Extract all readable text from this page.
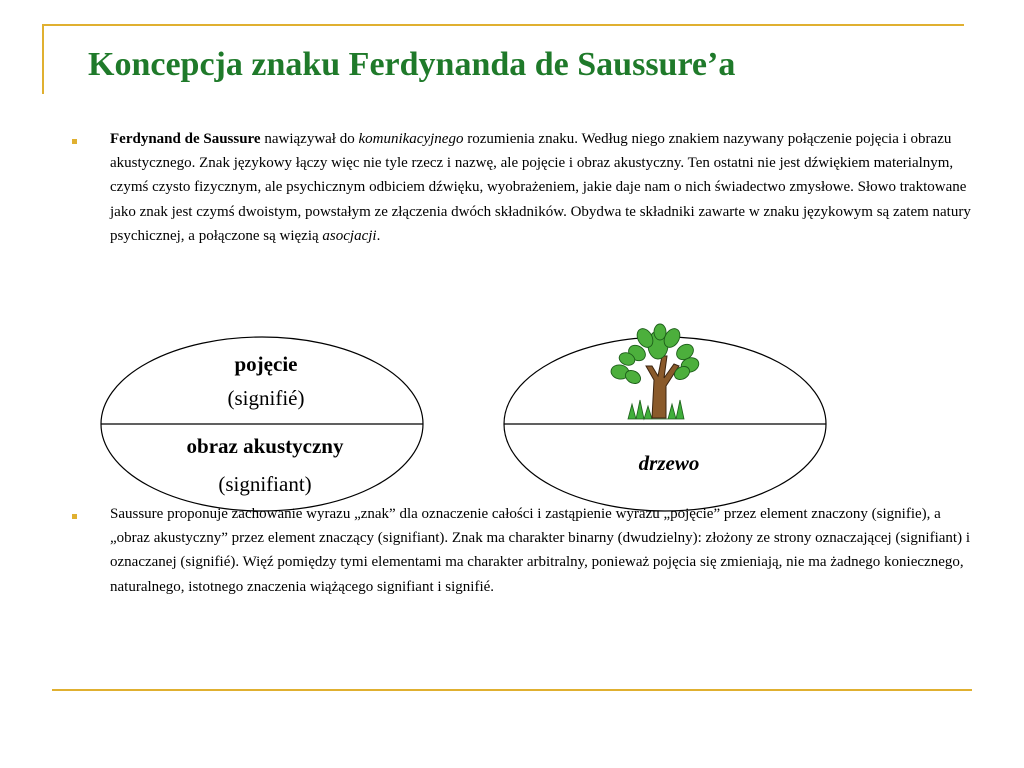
Koncepcja znaku Ferdynanda de Saussure’a

Ferdynand de Saussure nawiązywał do komunikacyjnego rozumienia znaku. Według niego znakiem nazywany połączenie pojęcia i obrazu akustycznego. Znak językowy łączy więc nie tyle rzecz i nazwę, ale pojęcie i obraz akustyczny. Ten ostatni nie jest dźwiękiem materialnym, czymś czysto fizycznym, ale psychicznym odbiciem dźwięku, wyobrażeniem, jakie daje nam o nich świadectwo zmysłowe. Słowo traktowane jako znak jest czymś dwoistym, powstałym ze złączenia dwóch składników. Obydwa te składniki zawarte w znaku językowym są zatem natury psychicznej, a połączone są więzią asocjacji.

pojęcie
(signifié)
obraz akustyczny
(signifiant)
drzewo

Saussure proponuje zachowanie wyrazu „znak” dla oznaczenie całości i zastąpienie wyrazu „pojęcie” przez element znaczony (signifie), a „obraz akustyczny” przez element znaczący (signifiant). Znak ma charakter binarny (dwudzielny): złożony ze strony oznaczającej (signifiant) i oznaczanej (signifié). Więź pomiędzy tymi elementami ma charakter arbitralny, ponieważ pojęcia się zmieniają, nie ma żadnego koniecznego, naturalnego, istotnego znaczenia wiążącego signifiant i signifié.
